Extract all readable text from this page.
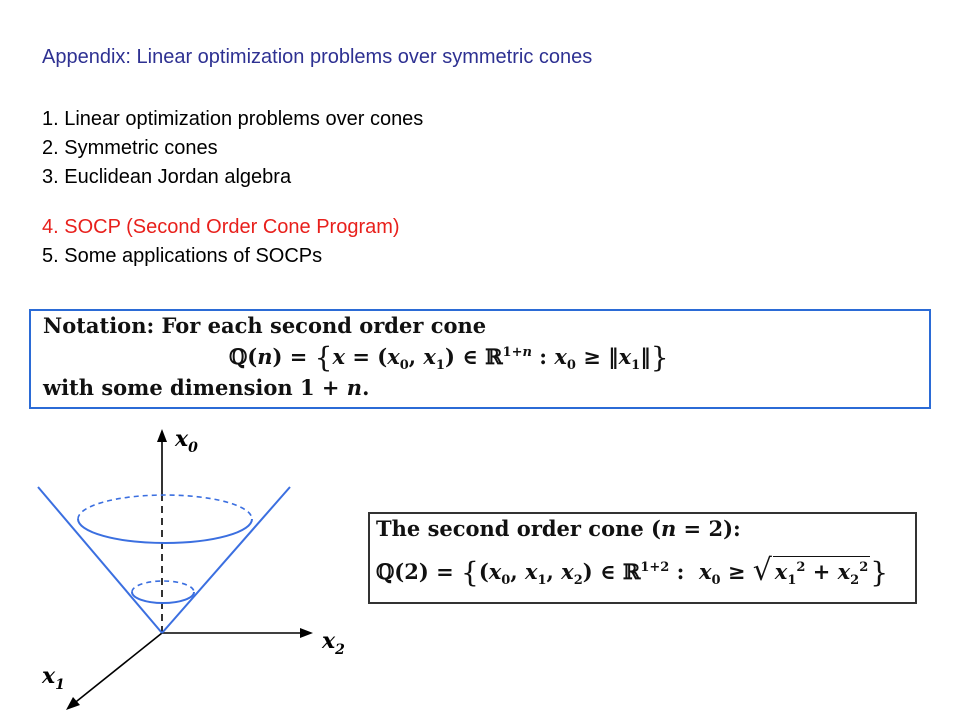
Appendix: Linear optimization problems over symmetric cones
1. Linear optimization problems over cones
2. Symmetric cones
3. Euclidean Jordan algebra
4. SOCP (Second Order Cone Program)
5. Some applications of SOCPs
Notation: For each second order cone
ℚ(n) = {$x = (x_0$, $x_1$) ∈ ℝ$^{1+n}$ : $x_0$ ≥ $‖x_1‖$}
with some dimension 1 + n.
$x_0$
$x_2$
$x_1$
The second order cone (n = 2):
ℚ(2) = {($x_0$, $x_1$, $x_2$) ∈ ℝ$^{1+2}$ :  $x_0$ ≥ √ $x_1^2 + x_2^2$}
